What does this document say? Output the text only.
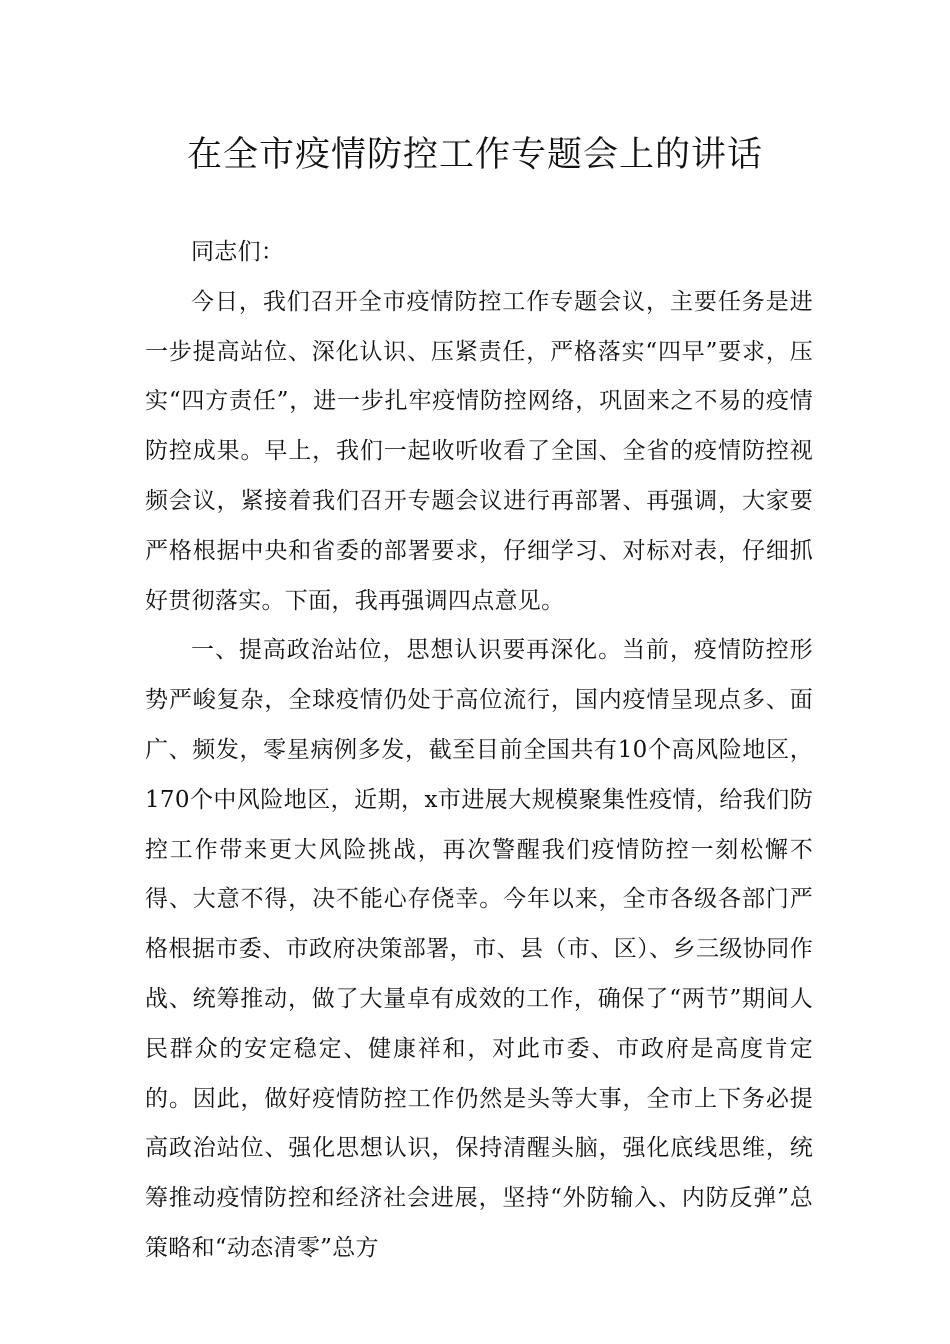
在全市疫情防控工作专题会上的讲话

同志们：

今日，我们召开全市疫情防控工作专题会议，主要任务是进一步提高站位、深化认识、压紧责任，严格落实“四早”要求，压实“四方责任”，进一步扎牢疫情防控网络，巩固来之不易的疫情防控成果。早上，我们一起收听收看了全国、全省的疫情防控视频会议，紧接着我们召开专题会议进行再部署、再强调，大家要严格根据中央和省委的部署要求，仔细学习、对标对表，仔细抓好贯彻落实。下面，我再强调四点意见。

一、提高政治站位，思想认识要再深化。当前，疫情防控形势严峻复杂，全球疫情仍处于高位流行，国内疫情呈现点多、面广、频发，零星病例多发，截至目前全国共有10个高风险地区，170个中风险地区，近期，x市进展大规模聚集性疫情，给我们防控工作带来更大风险挑战，再次警醒我们疫情防控一刻松懈不得、大意不得，决不能心存侥幸。今年以来，全市各级各部门严格根据市委、市政府决策部署，市、县（市、区）、乡三级协同作战、统筹推动，做了大量卓有成效的工作，确保了“两节”期间人民群众的安定稳定、健康祥和，对此市委、市政府是高度肯定的。因此，做好疫情防控工作仍然是头等大事，全市上下务必提高政治站位、强化思想认识，保持清醒头脑，强化底线思维，统筹推动疫情防控和经济社会进展，坚持“外防输入、内防反弹”总策略和“动态清零”总方
